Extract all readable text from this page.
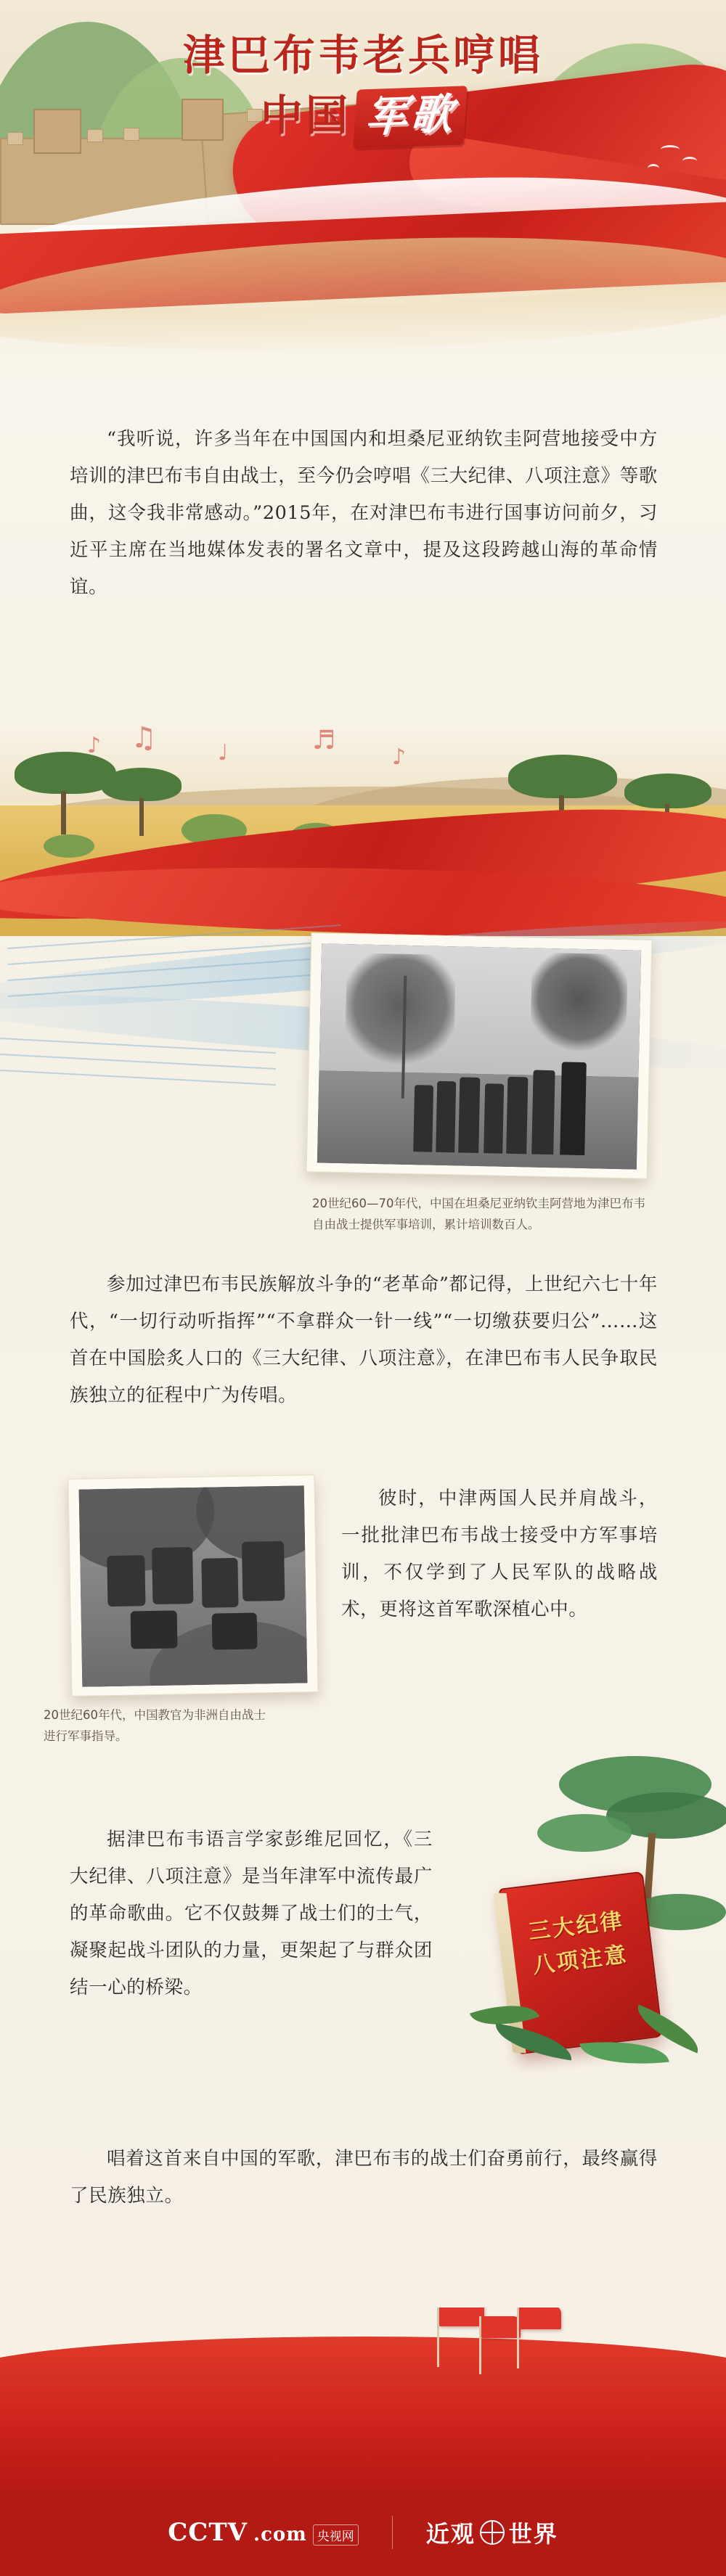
津巴布韦老兵哼唱
中国 军歌
“我听说，许多当年在中国国内和坦桑尼亚纳钦圭阿营地接受中方培训的津巴布韦自由战士，至今仍会哼唱《三大纪律、八项注意》等歌曲，这令我非常感动。”2015年，在对津巴布韦进行国事访问前夕，习近平主席在当地媒体发表的署名文章中，提及这段跨越山海的革命情谊。
♪ ♫	♩	♬
♪
20世纪60—70年代，中国在坦桑尼亚纳钦圭阿营地为津巴布韦自由战士提供军事培训，累计培训数百人。
参加过津巴布韦民族解放斗争的“老革命”都记得，上世纪六七十年代，“一切行动听指挥”“不拿群众一针一线”“一切缴获要归公”……这首在中国脍炙人口的《三大纪律、八项注意》，在津巴布韦人民争取民族独立的征程中广为传唱。
20世纪60年代，中国教官为非洲自由战士进行军事指导。
彼时，中津两国人民并肩战斗，一批批津巴布韦战士接受中方军事培训，不仅学到了人民军队的战略战术，更将这首军歌深植心中。
三大纪律
八项注意
据津巴布韦语言学家彭维尼回忆，《三大纪律、八项注意》是当年津军中流传最广的革命歌曲。它不仅鼓舞了战士们的士气，凝聚起战斗团队的力量，更架起了与群众团结一心的桥梁。
唱着这首来自中国的军歌，津巴布韦的战士们奋勇前行，最终赢得了民族独立。
CCTV .com 央视网	近观 世界
